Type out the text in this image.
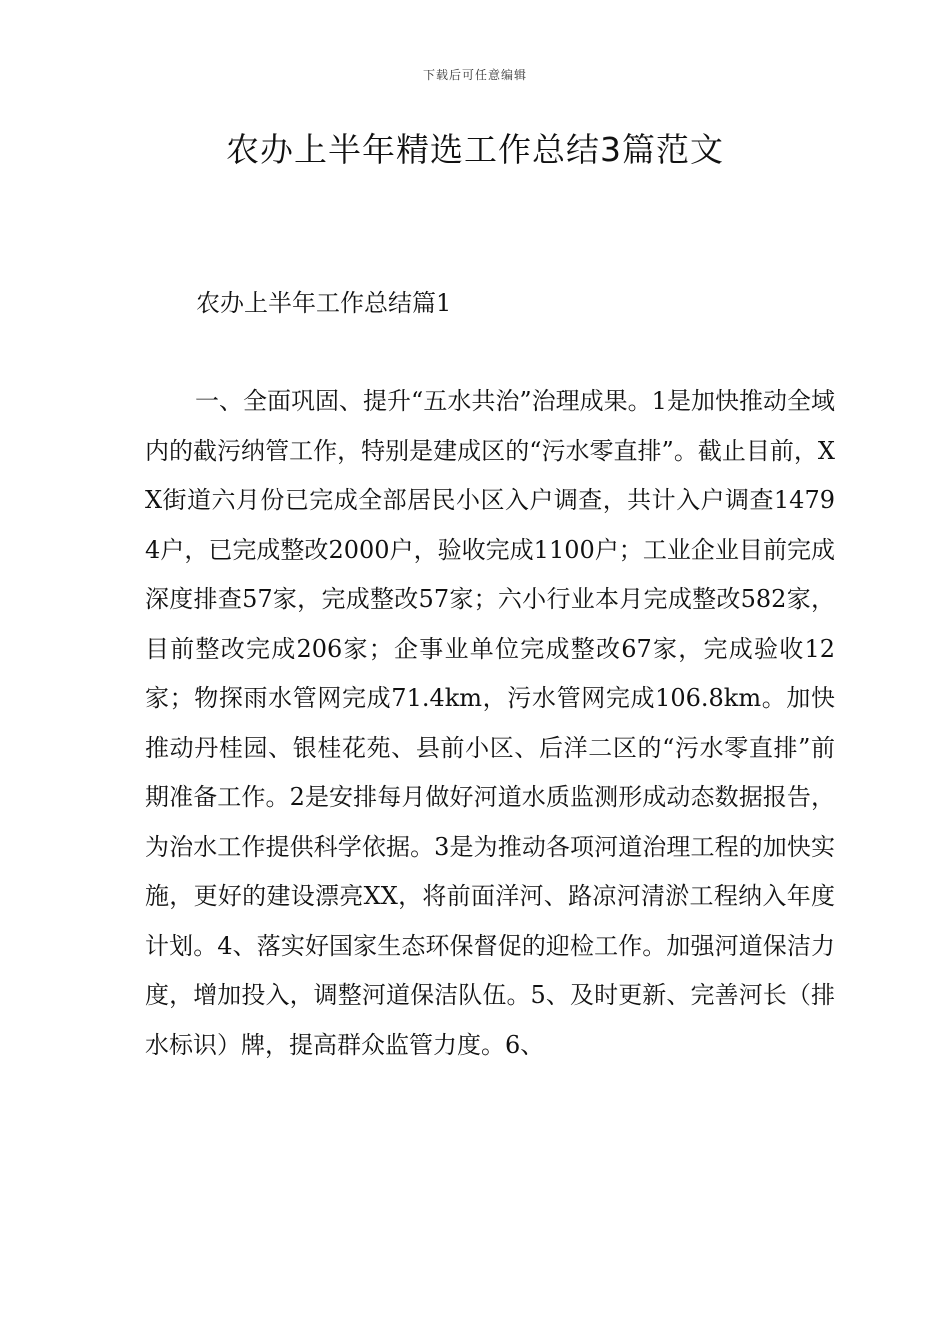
下载后可任意编辑
农办上半年精选工作总结3篇范文
农办上半年工作总结篇1

一、全面巩固、提升“五水共治”治理成果。1是加快推动全域内的截污纳管工作，特别是建成区的“污水零直排”。截止目前，XX街道六月份已完成全部居民小区入户调查，共计入户调查14794户，已完成整改2000户，验收完成1100户；工业企业目前完成深度排查57家，完成整改57家；六小行业本月完成整改582家，目前整改完成206家；企事业单位完成整改67家，完成验收12家；物探雨水管网完成71.4km，污水管网完成106.8km。加快推动丹桂园、银桂花苑、县前小区、后洋二区的“污水零直排”前期准备工作。2是安排每月做好河道水质监测形成动态数据报告，为治水工作提供科学依据。3是为推动各项河道治理工程的加快实施，更好的建设漂亮XX，将前面洋河、路凉河清淤工程纳入年度计划。4、落实好国家生态环保督促的迎检工作。加强河道保洁力度，增加投入，调整河道保洁队伍。5、及时更新、完善河长（排水标识）牌，提高群众监管力度。6、
